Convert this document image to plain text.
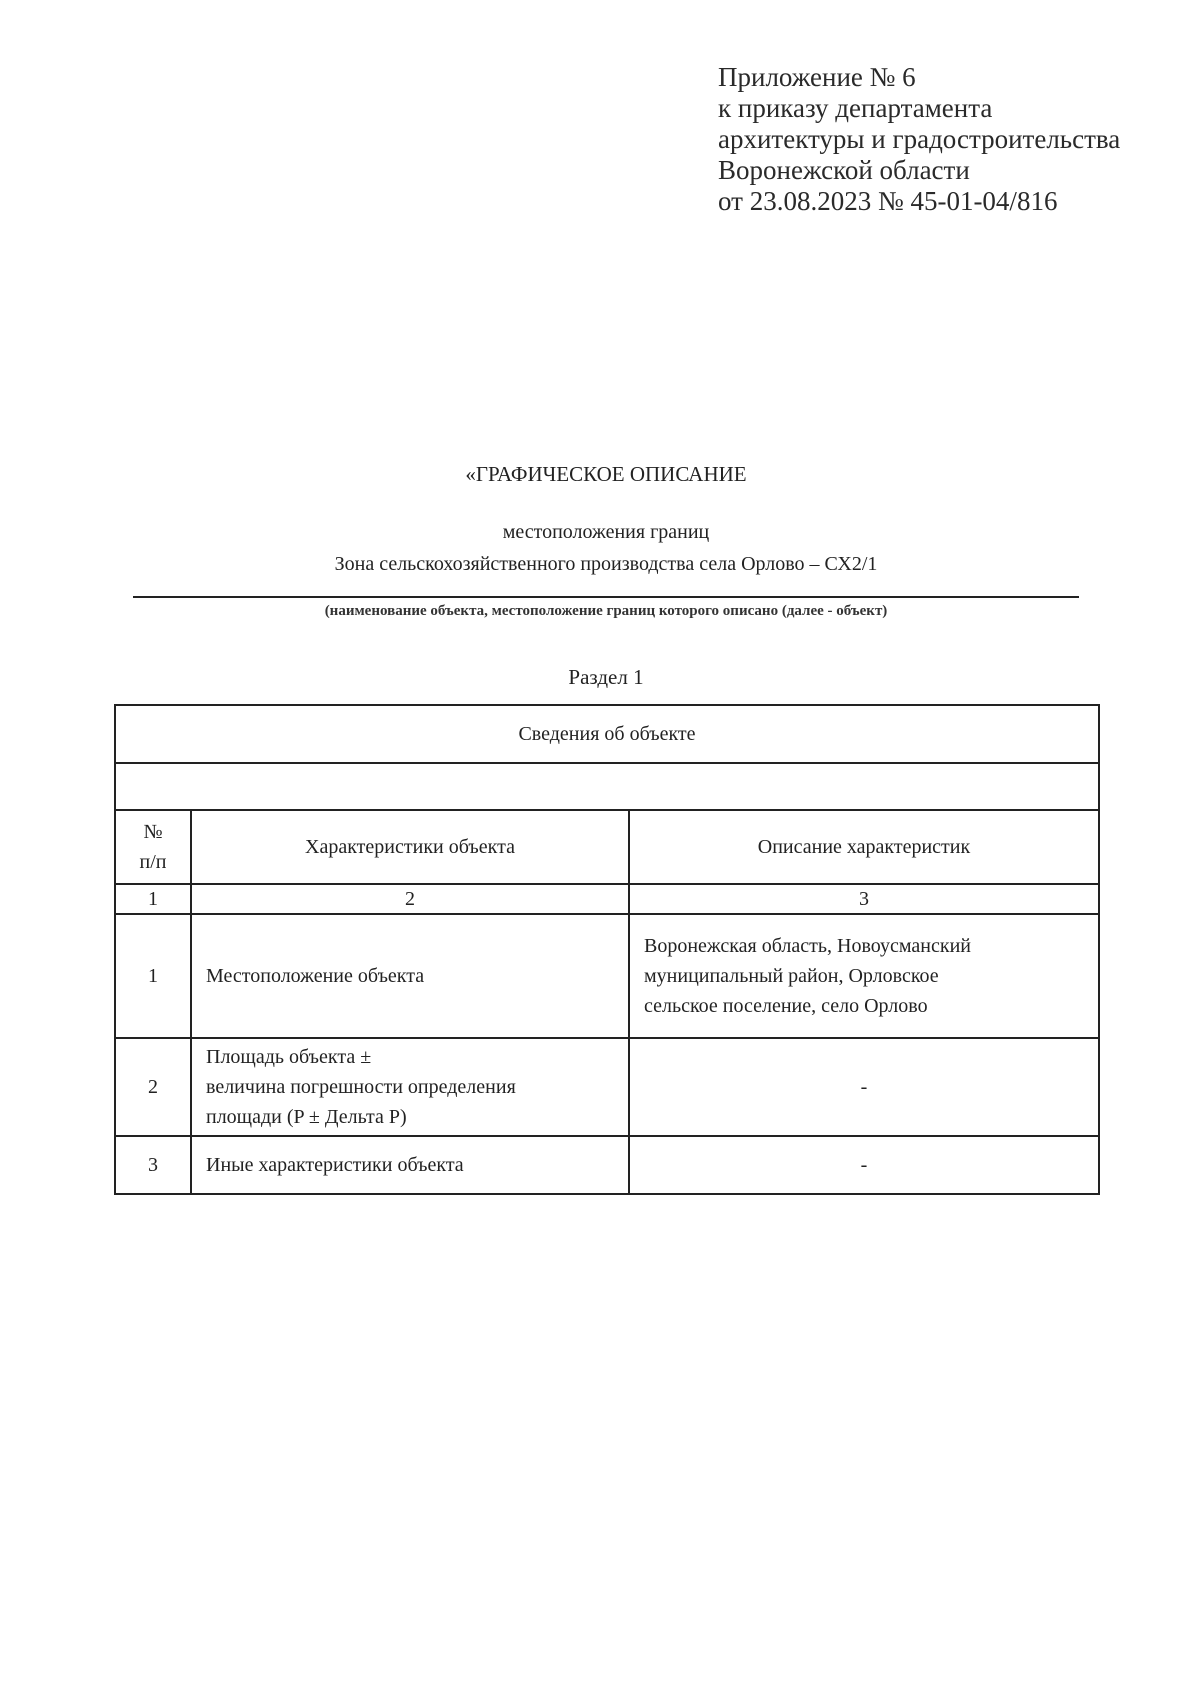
Приложение № 6
к приказу департамента
архитектуры и градостроительства
Воронежской области
от 23.08.2023 № 45-01-04/816
«ГРАФИЧЕСКОЕ ОПИСАНИЕ
местоположения границ
Зона сельскохозяйственного производства села Орлово – СХ2/1
(наименование объекта, местоположение границ которого описано (далее - объект)
Раздел 1
Сведения об объекте		

№
п/п	Характеристики объекта	Описание характеристик
1	2	3
1	Местоположение объекта	Воронежская область, Новоусманский
муниципальный район, Орловское
сельское поселение, село Орлово

2	Площадь объекта ±
величина погрешности определения
площади (P ± Дельта P)	-
3	Иные характеристики объекта	-
